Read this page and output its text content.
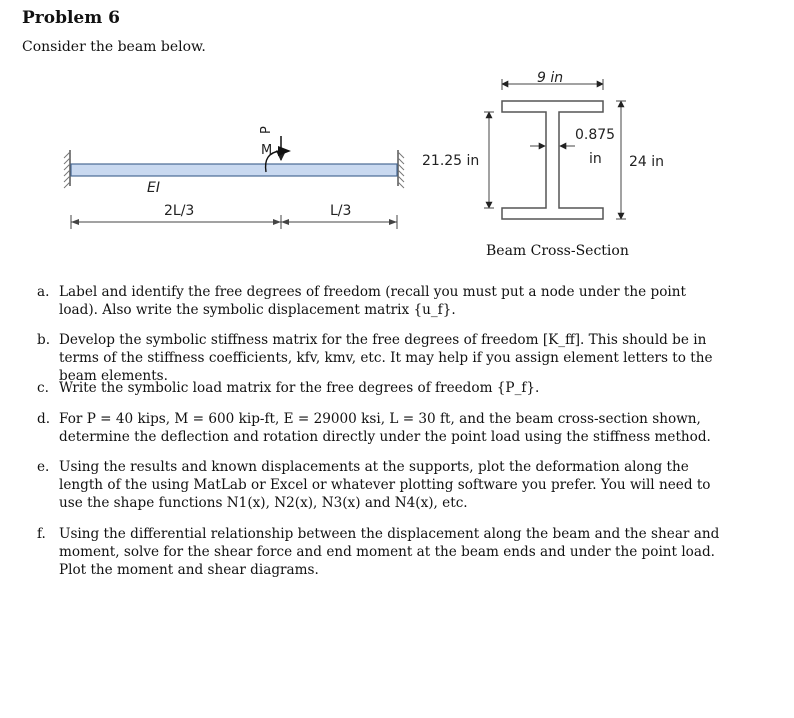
Problem 6
Consider the beam below.
P
M
EI
2L/3	L/3
9 in
21.25 in
0.875
in 24 in
Beam Cross-Section
a. Label and identify the free degrees of freedom (recall you must put a node under the point load). Also write the symbolic displacement matrix {u_f}.
b. Develop the symbolic stiffness matrix for the free degrees of freedom [K_ff]. This should be in terms of the stiffness coefficients, kfv, kmv, etc. It may help if you assign element letters to the beam elements.
c. Write the symbolic load matrix for the free degrees of freedom {P_f}.
d. For P = 40 kips, M = 600 kip-ft, E = 29000 ksi, L = 30 ft, and the beam cross-section shown, determine the deflection and rotation directly under the point load using the stiffness method.
e. Using the results and known displacements at the supports, plot the deformation along the length of the using MatLab or Excel or whatever plotting software you prefer. You will need to use the shape functions N1(x), N2(x), N3(x) and N4(x), etc.
f. Using the differential relationship between the displacement along the beam and the shear and moment, solve for the shear force and end moment at the beam ends and under the point load. Plot the moment and shear diagrams.
